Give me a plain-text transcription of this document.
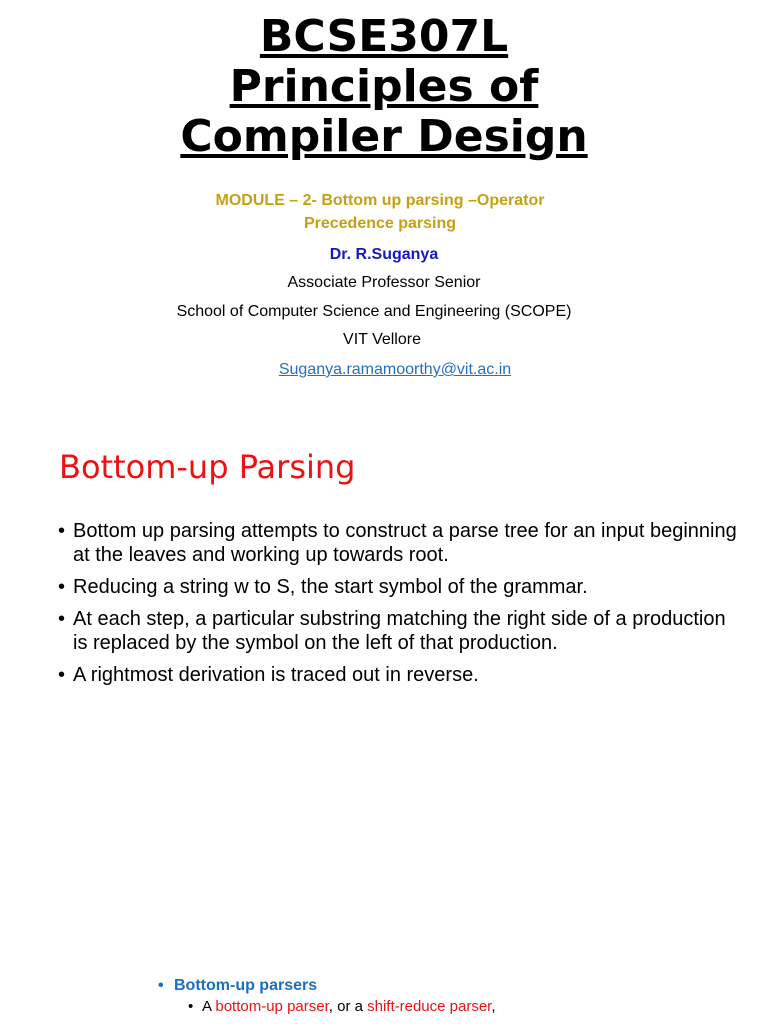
BCSE307L
Principles of
Compiler Design
MODULE – 2- Bottom up parsing –Operator Precedence parsing
Dr. R.Suganya
Associate Professor Senior
School of Computer Science and Engineering (SCOPE)
VIT Vellore
Suganya.ramamoorthy@vit.ac.in
Bottom-up Parsing
• Bottom up parsing attempts to construct a parse tree for an input beginning at the leaves and working up towards root.
• Reducing a string w to S, the start symbol of the grammar.
• At each step, a particular substring matching the right side of a production is replaced by the symbol on the left of that production.
• A rightmost derivation is traced out in reverse.
• Bottom-up parsers
• A bottom-up parser, or a shift-reduce parser,
